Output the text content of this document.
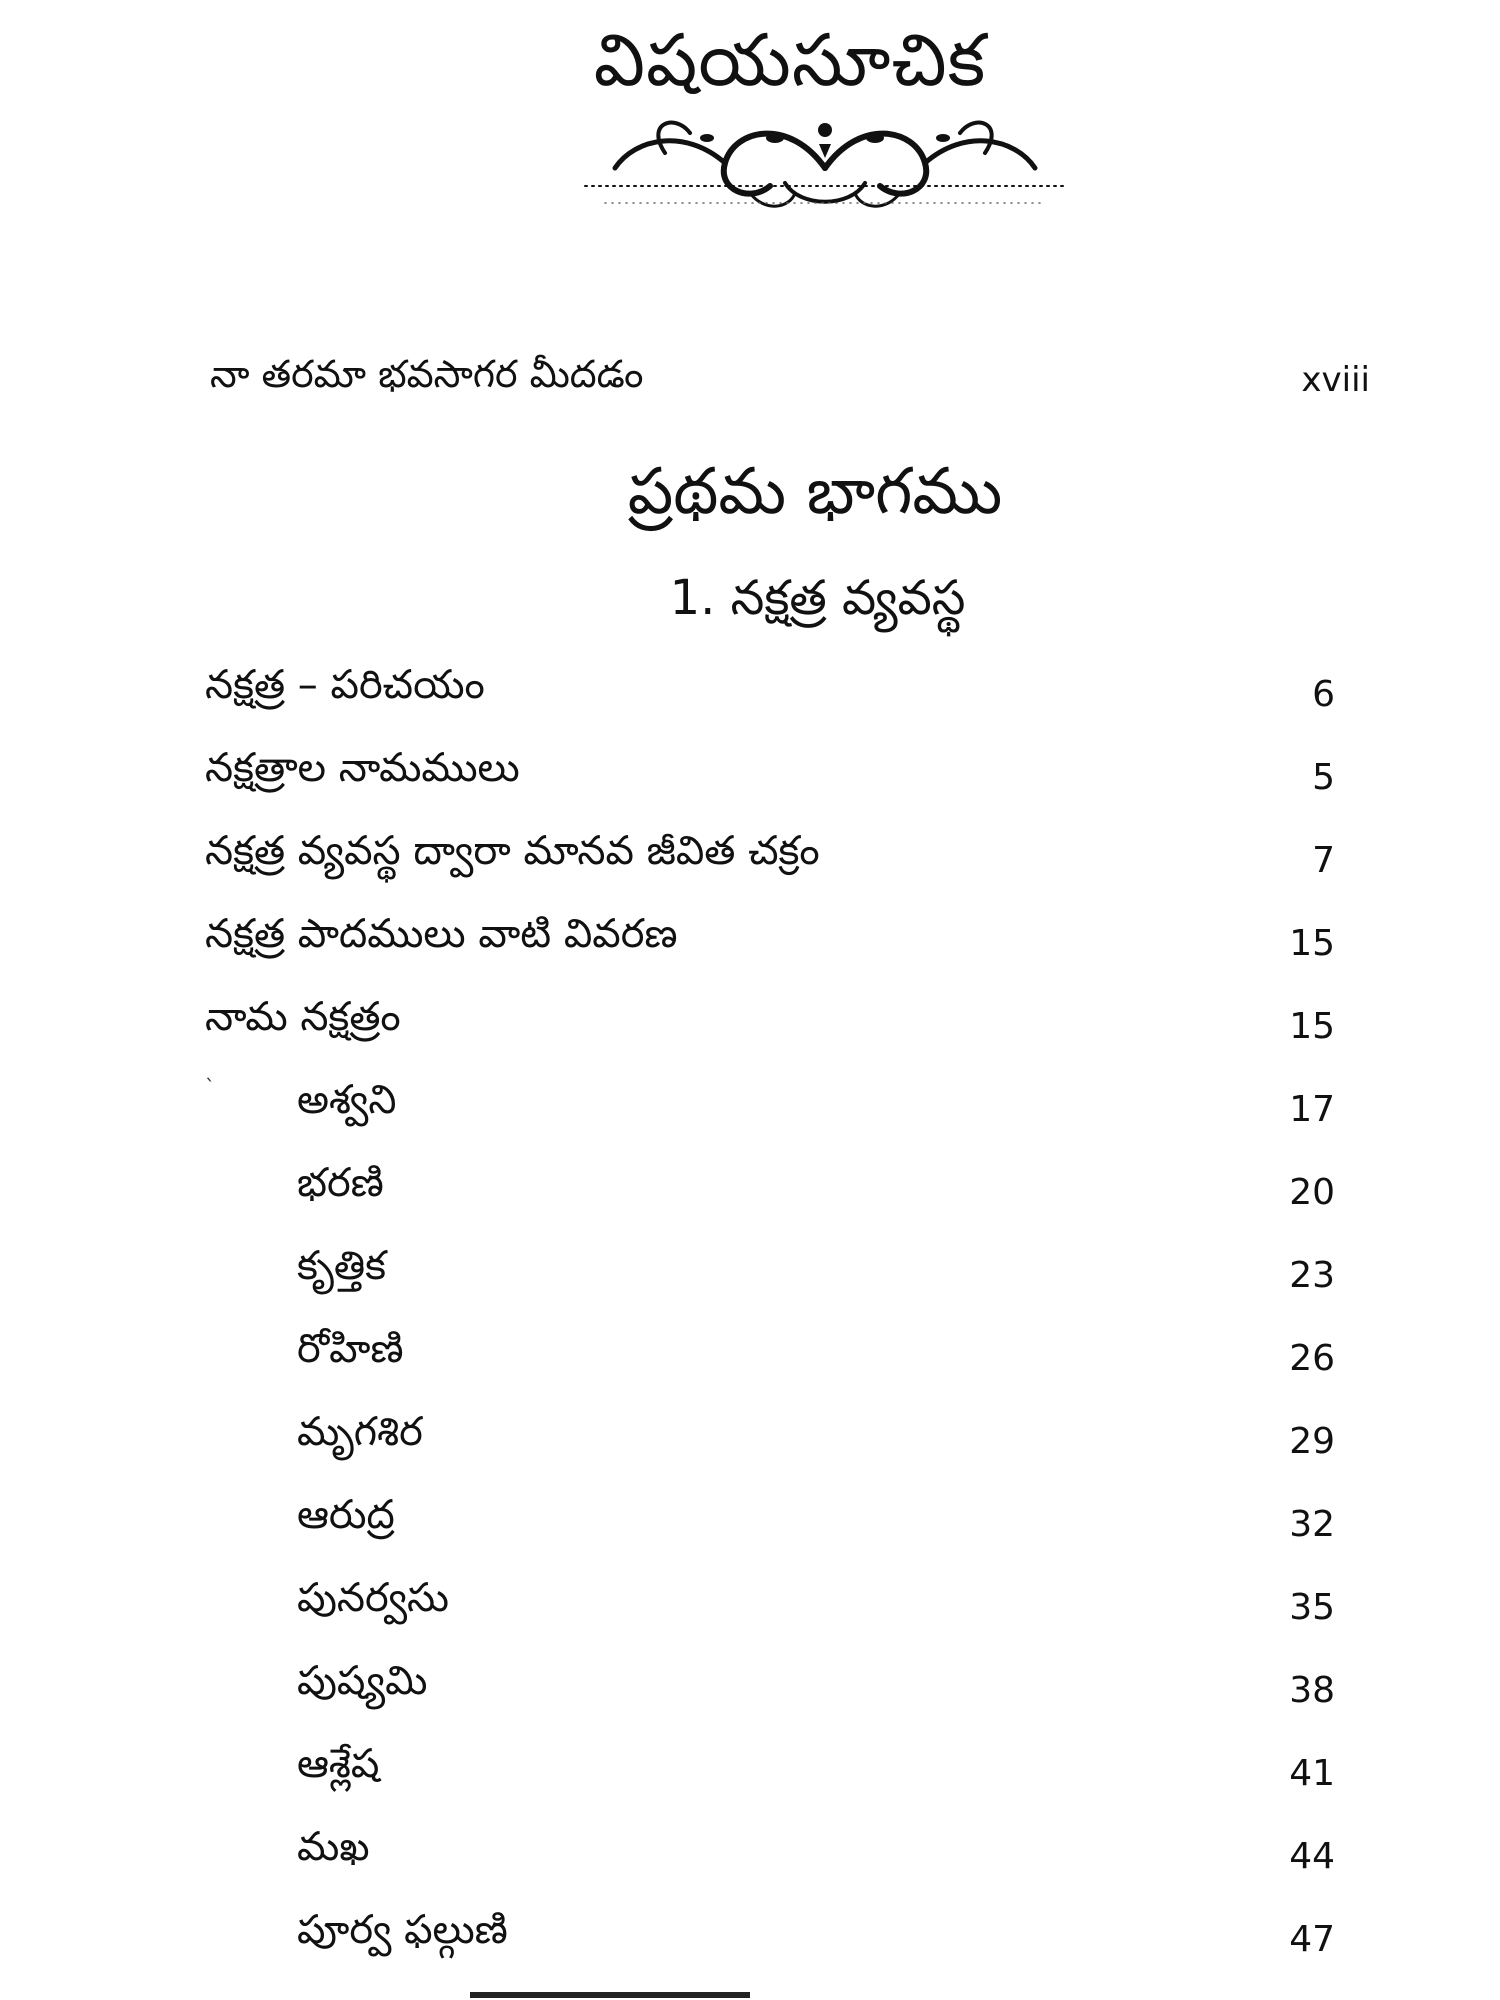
విషయసూచిక
నా తరమా భవసాగర మీదడం	xviii
ప్రథమ భాగము
1. నక్షత్ర వ్యవస్థ
నక్షత్ర – పరిచయం	6
నక్షత్రాల నామములు	5
నక్షత్ర వ్యవస్థ ద్వారా మానవ జీవిత చక్రం	7
నక్షత్ర పాదములు వాటి వివరణ	15
నామ నక్షత్రం	15
అశ్వని	17
భరణి	20
కృత్తిక	23
రోహిణి	26
మృగశిర	29
ఆరుద్ర	32
పునర్వసు	35
పుష్యమి	38
ఆశ్లేష	41
మఖ	44
పూర్వ ఫల్గుణి	47
`
